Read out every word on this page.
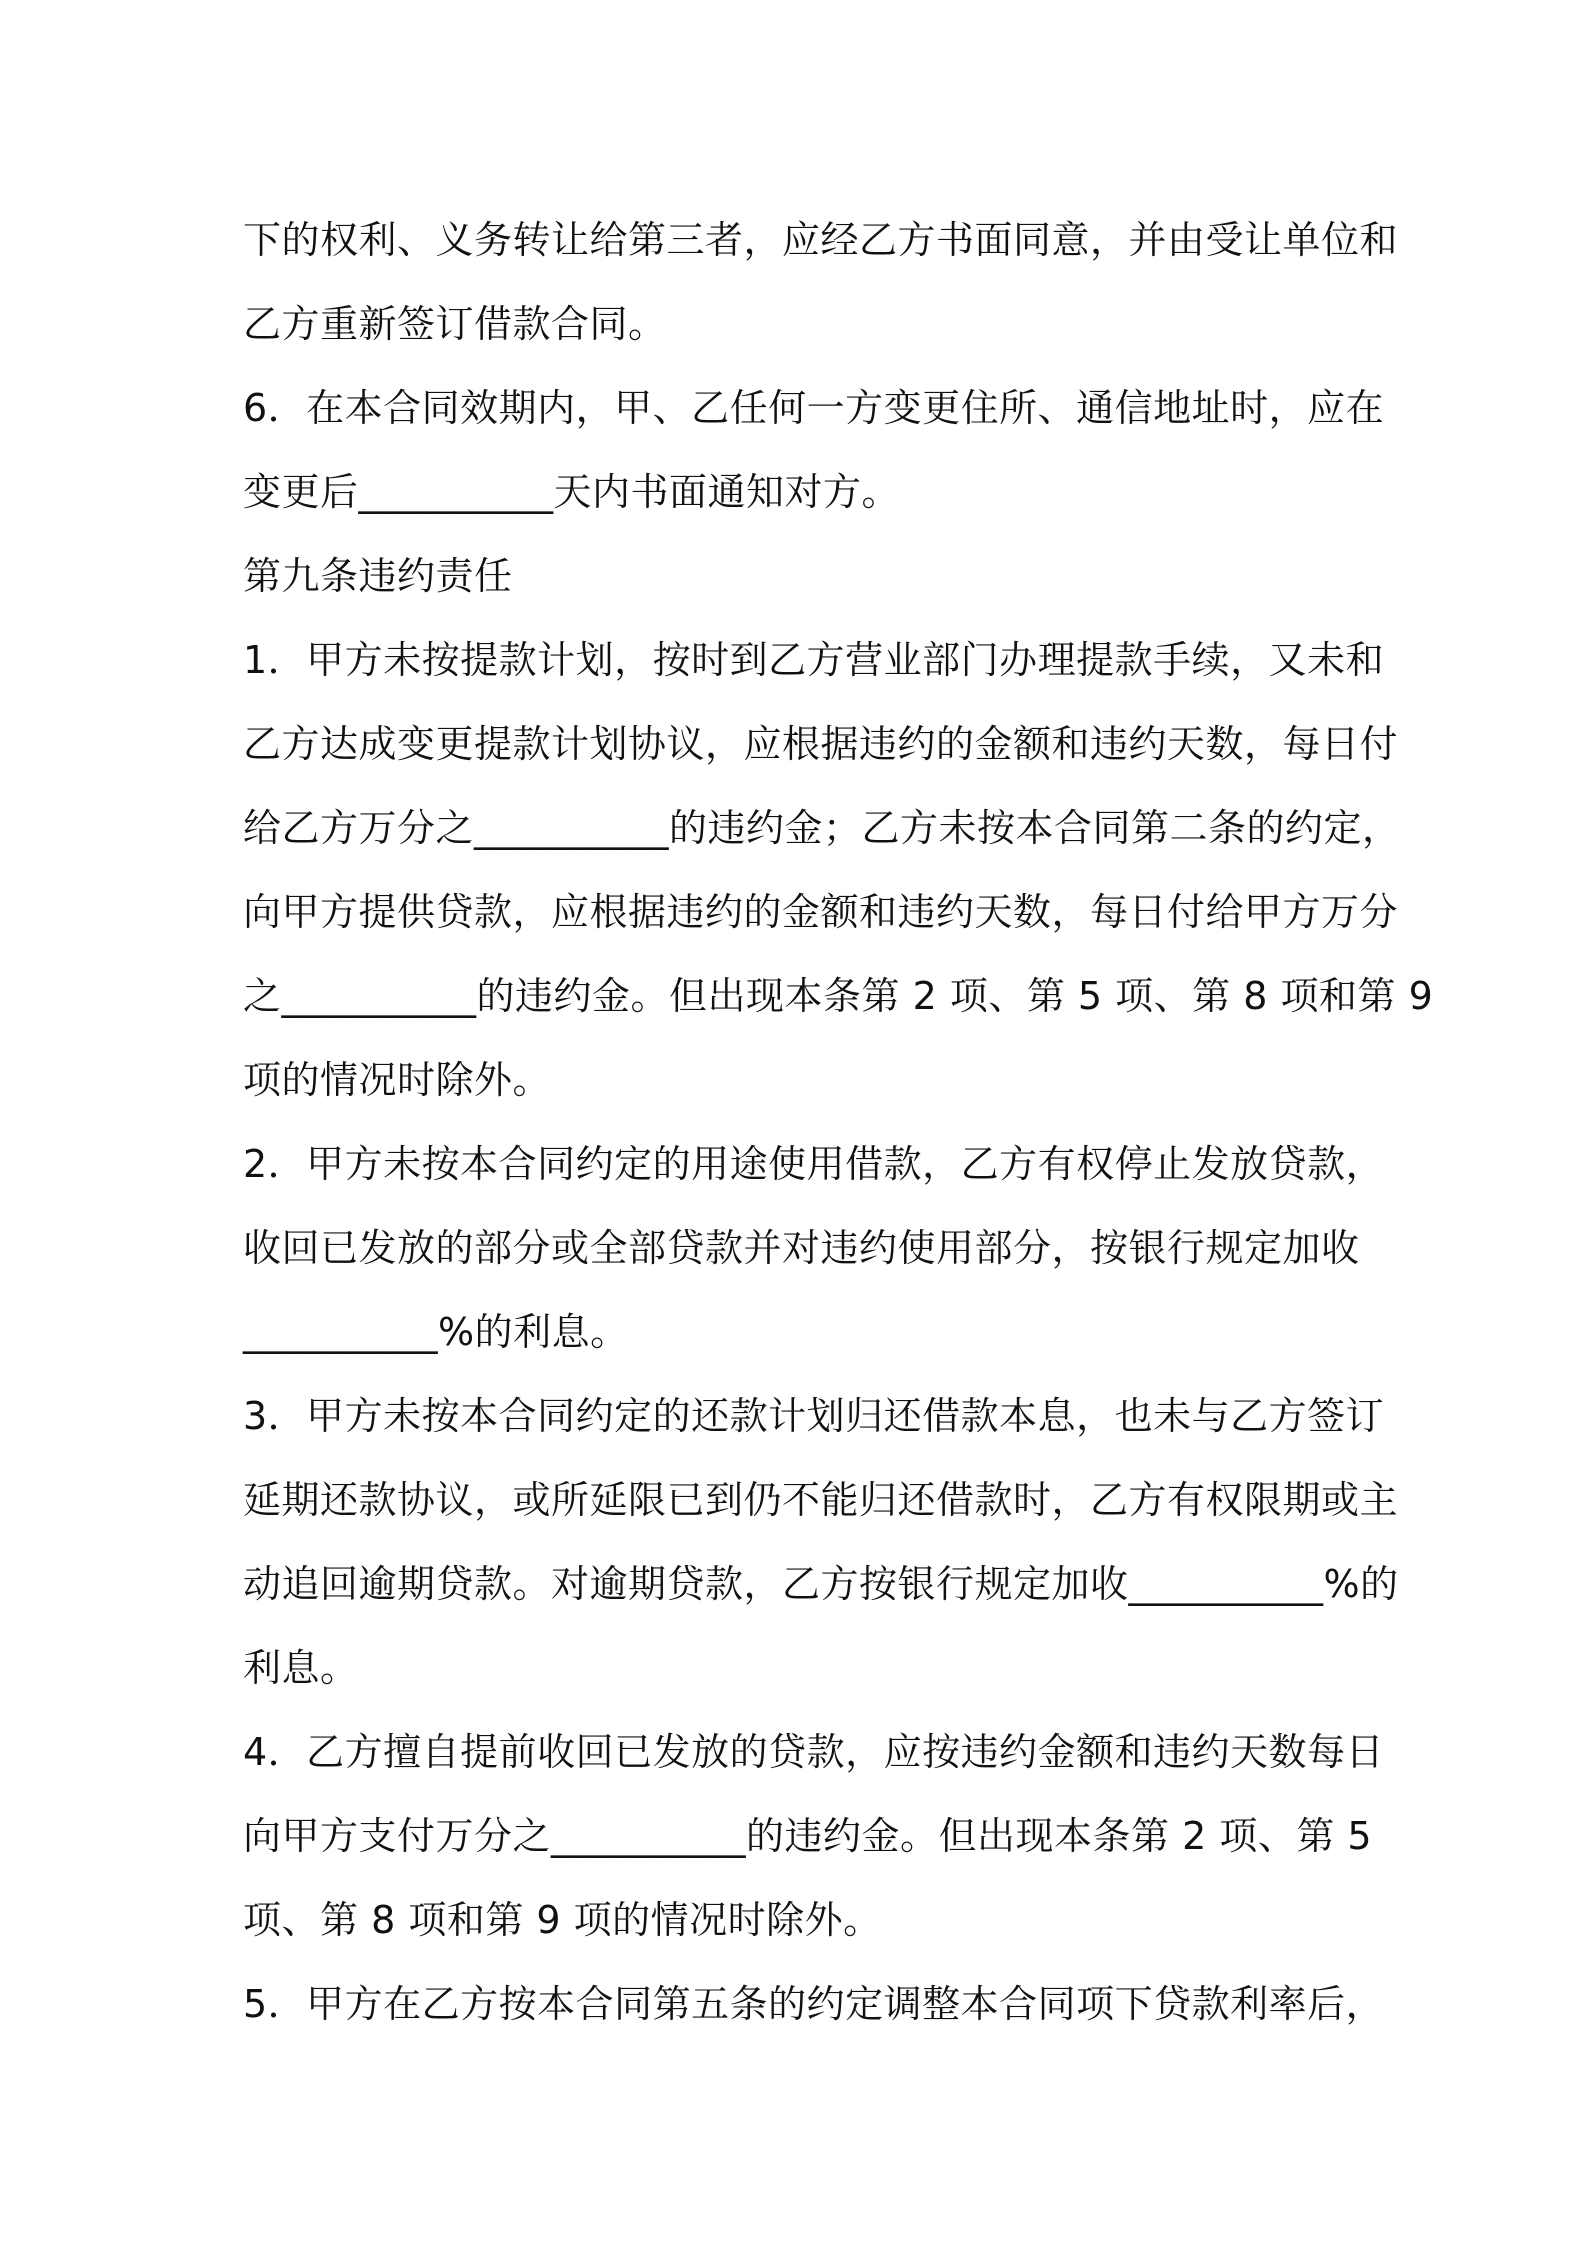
下的权利、义务转让给第三者，应经乙方书面同意，并由受让单位和
乙方重新签订借款合同。
6．在本合同效期内，甲、乙任何一方变更住所、通信地址时，应在
变更后__________天内书面通知对方。
第九条违约责任
1．甲方未按提款计划，按时到乙方营业部门办理提款手续，又未和
乙方达成变更提款计划协议，应根据违约的金额和违约天数，每日付
给乙方万分之__________的违约金；乙方未按本合同第二条的约定，
向甲方提供贷款，应根据违约的金额和违约天数，每日付给甲方万分
之__________的违约金。但出现本条第 2 项、第 5 项、第 8 项和第 9
项的情况时除外。
2．甲方未按本合同约定的用途使用借款，乙方有权停止发放贷款，
收回已发放的部分或全部贷款并对违约使用部分，按银行规定加收
__________%的利息。
3．甲方未按本合同约定的还款计划归还借款本息，也未与乙方签订
延期还款协议，或所延限已到仍不能归还借款时，乙方有权限期或主
动追回逾期贷款。对逾期贷款，乙方按银行规定加收__________%的
利息。
4．乙方擅自提前收回已发放的贷款，应按违约金额和违约天数每日
向甲方支付万分之__________的违约金。但出现本条第 2 项、第 5
项、第 8 项和第 9 项的情况时除外。
5．甲方在乙方按本合同第五条的约定调整本合同项下贷款利率后，
